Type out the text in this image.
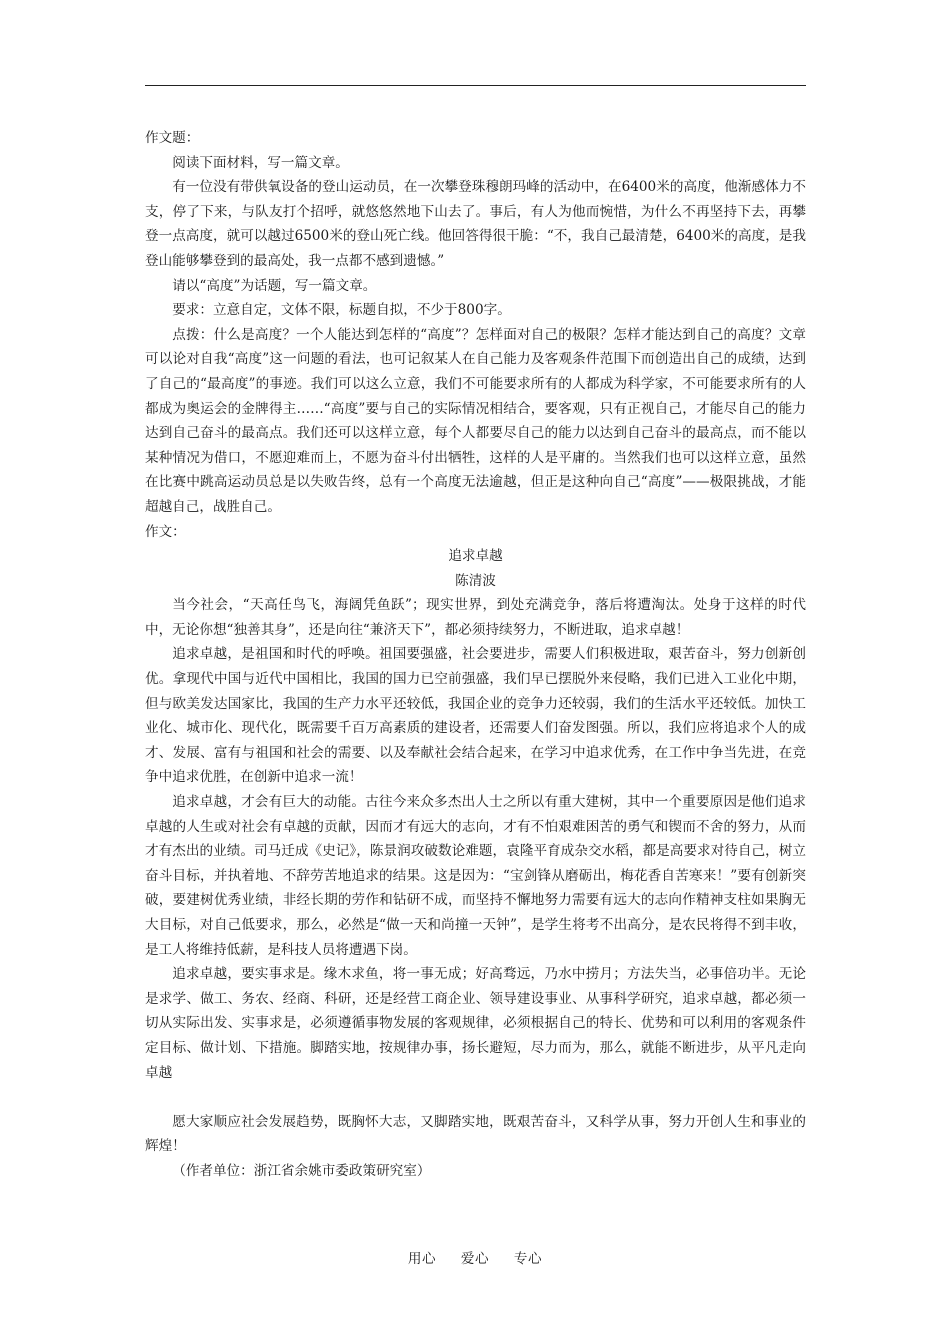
作文题：

阅读下面材料，写一篇文章。

有一位没有带供氧设备的登山运动员，在一次攀登珠穆朗玛峰的活动中，在6400米的高度，他渐感体力不支，停了下来，与队友打个招呼，就悠悠然地下山去了。事后，有人为他而惋惜，为什么不再坚持下去，再攀登一点高度，就可以越过6500米的登山死亡线。他回答得很干脆：“不，我自己最清楚，6400米的高度，是我登山能够攀登到的最高处，我一点都不感到遗憾。”

请以“高度”为话题，写一篇文章。

要求：立意自定，文体不限，标题自拟，不少于800字。

点拨：什么是高度？一个人能达到怎样的“高度”？怎样面对自己的极限？怎样才能达到自己的高度？文章可以论对自我“高度”这一问题的看法，也可记叙某人在自己能力及客观条件范围下而创造出自己的成绩，达到了自己的“最高度”的事迹。我们可以这么立意，我们不可能要求所有的人都成为科学家，不可能要求所有的人都成为奥运会的金牌得主……“高度”要与自己的实际情况相结合，要客观，只有正视自己，才能尽自己的能力达到自己奋斗的最高点。我们还可以这样立意，每个人都要尽自己的能力以达到自己奋斗的最高点，而不能以某种情况为借口，不愿迎难而上，不愿为奋斗付出牺牲，这样的人是平庸的。当然我们也可以这样立意，虽然在比赛中跳高运动员总是以失败告终，总有一个高度无法逾越，但正是这种向自己“高度”——极限挑战，才能超越自己，战胜自己。

作文：

追求卓越

陈清波

当今社会，“天高任鸟飞，海阔凭鱼跃”；现实世界，到处充满竞争，落后将遭淘汰。处身于这样的时代中，无论你想“独善其身”，还是向往“兼济天下”，都必须持续努力，不断进取，追求卓越！

追求卓越，是祖国和时代的呼唤。祖国要强盛，社会要进步，需要人们积极进取，艰苦奋斗，努力创新创优。拿现代中国与近代中国相比，我国的国力已空前强盛，我们早已摆脱外来侵略，我们已进入工业化中期，但与欧美发达国家比，我国的生产力水平还较低，我国企业的竞争力还较弱，我们的生活水平还较低。加快工业化、城市化、现代化，既需要千百万高素质的建设者，还需要人们奋发图强。所以，我们应将追求个人的成才、发展、富有与祖国和社会的需要、以及奉献社会结合起来，在学习中追求优秀，在工作中争当先进，在竞争中追求优胜，在创新中追求一流！

追求卓越，才会有巨大的动能。古往今来众多杰出人士之所以有重大建树，其中一个重要原因是他们追求卓越的人生或对社会有卓越的贡献，因而才有远大的志向，才有不怕艰难困苦的勇气和锲而不舍的努力，从而才有杰出的业绩。司马迁成《史记》，陈景润攻破数论难题，袁隆平育成杂交水稻，都是高要求对待自己，树立奋斗目标，并执着地、不辞劳苦地追求的结果。这是因为：“宝剑锋从磨砺出，梅花香自苦寒来！”要有创新突破，要建树优秀业绩，非经长期的劳作和钻研不成，而坚持不懈地努力需要有远大的志向作精神支柱如果胸无大目标，对自己低要求，那么，必然是“做一天和尚撞一天钟”，是学生将考不出高分，是农民将得不到丰收，是工人将维持低薪，是科技人员将遭遇下岗。

追求卓越，要实事求是。缘木求鱼，将一事无成；好高骛远，乃水中捞月；方法失当，必事倍功半。无论是求学、做工、务农、经商、科研，还是经营工商企业、领导建设事业、从事科学研究，追求卓越，都必须一切从实际出发、实事求是，必须遵循事物发展的客观规律，必须根据自己的特长、优势和可以利用的客观条件定目标、做计划、下措施。脚踏实地，按规律办事，扬长避短，尽力而为，那么，就能不断进步，从平凡走向卓越

愿大家顺应社会发展趋势，既胸怀大志，又脚踏实地，既艰苦奋斗，又科学从事，努力开创人生和事业的辉煌！

（作者单位：浙江省余姚市委政策研究室）

用心 爱心 专心
